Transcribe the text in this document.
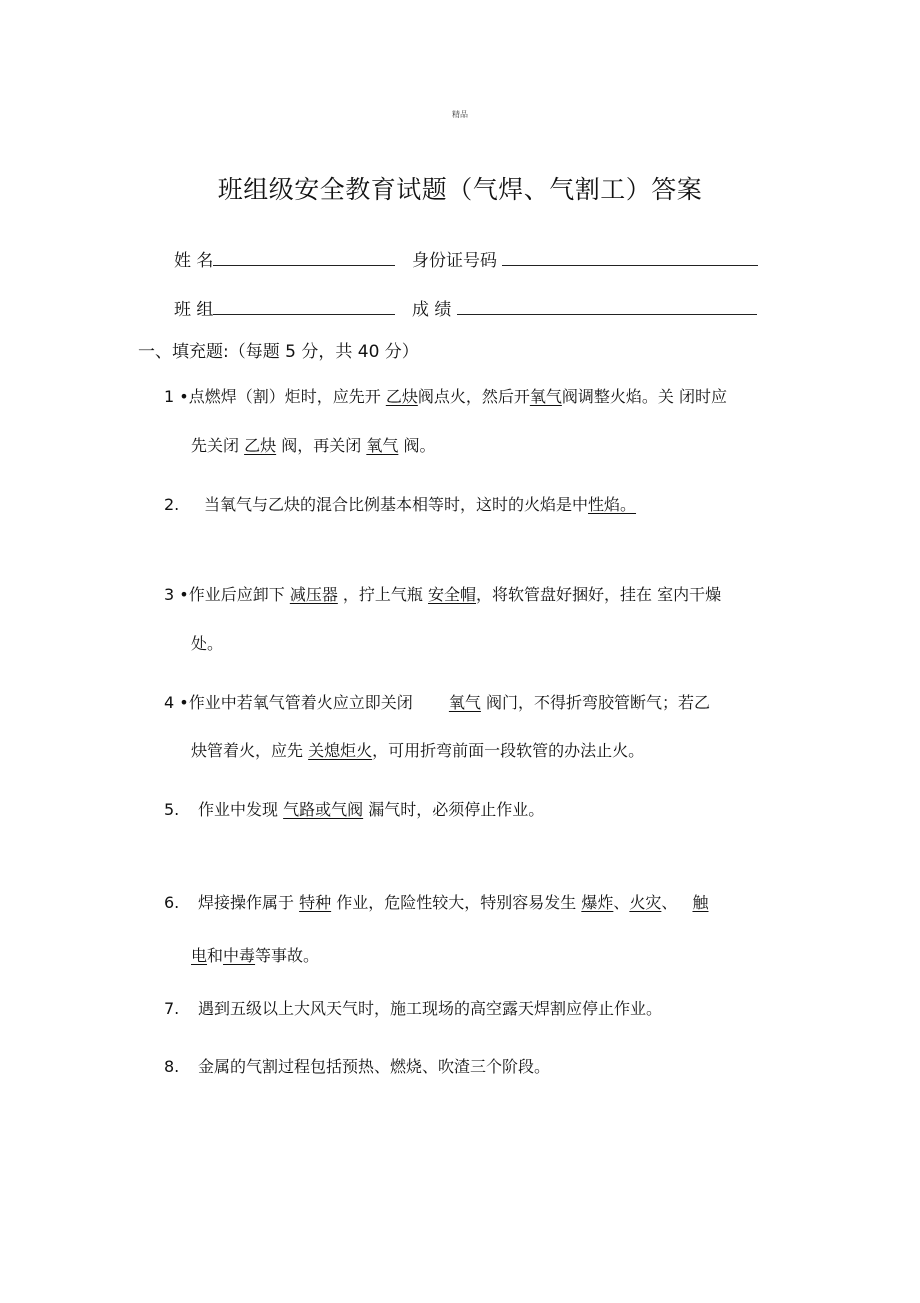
精品
班组级安全教育试题（气焊、气割工）答案
姓 名	身份证号码
班 组	成 绩
一、填充题:（每题 5 分，共 40 分）
1 •点燃焊（割）炬时，应先开 乙炔阀点火，然后开氧气阀调整火焰。关 闭时应
先关闭 乙炔 阀，再关闭 氧气 阀。
2. 当氧气与乙炔的混合比例基本相等时，这时的火焰是中性焰。
3 •作业后应卸下 减压器 ，拧上气瓶 安全帽，将软管盘好捆好，挂在 室内干燥
处。
4 •作业中若氧气管着火应立即关闭 氧气 阀门，不得折弯胶管断气；若乙
炔管着火，应先 关熄炬火，可用折弯前面一段软管的办法止火。
5. 作业中发现 气路或气阀 漏气时，必须停止作业。
6. 焊接操作属于 特种 作业，危险性较大，特别容易发生 爆炸、火灾、 触
电和中毒等事故。
7. 遇到五级以上大风天气时，施工现场的高空露天焊割应停止作业。
8. 金属的气割过程包括预热、燃烧、吹渣三个阶段。
